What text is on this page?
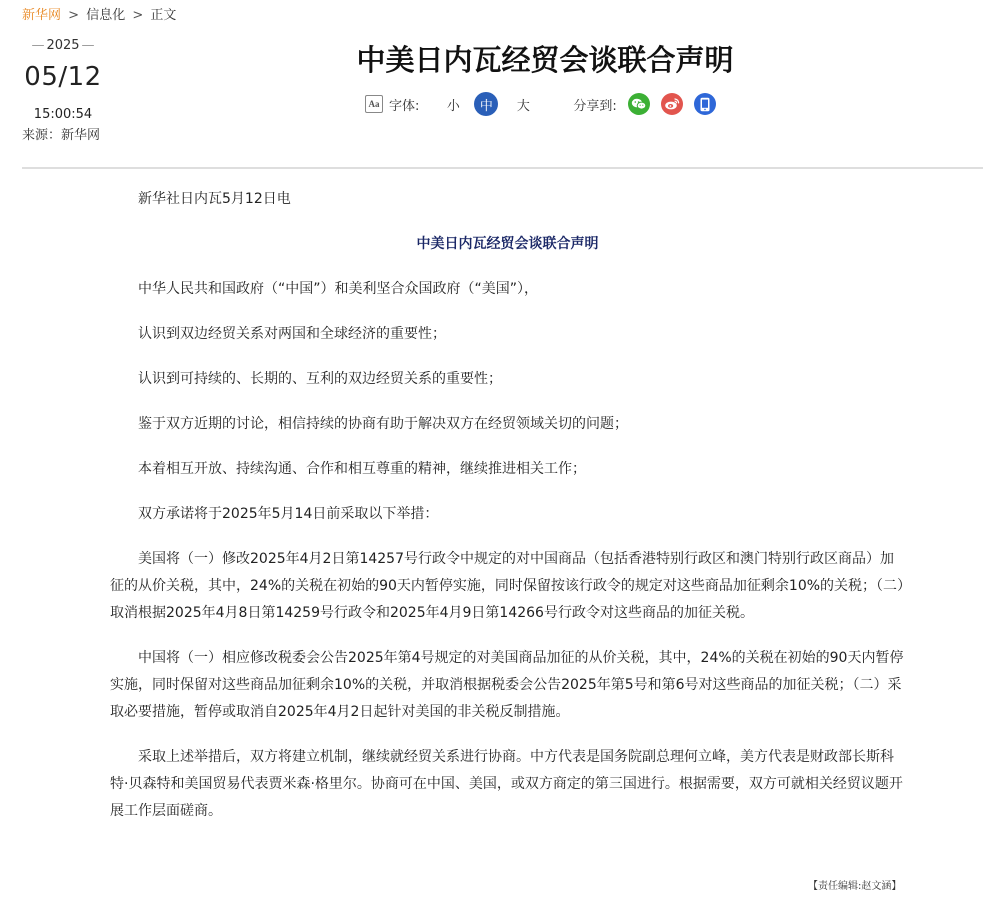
新华网 > 信息化 > 正文
— 2025 —
05/12
15:00:54
来源：新华网
中美日内瓦经贸会谈联合声明
Aa 字体:	小	中	大	分享到:

新华社日内瓦5月12日电

中美日内瓦经贸会谈联合声明

中华人民共和国政府（“中国”）和美利坚合众国政府（“美国”），

认识到双边经贸关系对两国和全球经济的重要性；

认识到可持续的、长期的、互利的双边经贸关系的重要性；

鉴于双方近期的讨论，相信持续的协商有助于解决双方在经贸领域关切的问题；

本着相互开放、持续沟通、合作和相互尊重的精神，继续推进相关工作；

双方承诺将于2025年5月14日前采取以下举措：

美国将（一）修改2025年4月2日第14257号行政令中规定的对中国商品（包括香港特别行政区和澳门特别行政区商品）加征的从价关税，其中，24%的关税在初始的90天内暂停实施，同时保留按该行政令的规定对这些商品加征剩余10%的关税；（二）取消根据2025年4月8日第14259号行政令和2025年4月9日第14266号行政令对这些商品的加征关税。

中国将（一）相应修改税委会公告2025年第4号规定的对美国商品加征的从价关税，其中，24%的关税在初始的90天内暂停实施，同时保留对这些商品加征剩余10%的关税，并取消根据税委会公告2025年第5号和第6号对这些商品的加征关税；（二）采取必要措施，暂停或取消自2025年4月2日起针对美国的非关税反制措施。

采取上述举措后，双方将建立机制，继续就经贸关系进行协商。中方代表是国务院副总理何立峰，美方代表是财政部长斯科特·贝森特和美国贸易代表贾米森·格里尔。协商可在中国、美国，或双方商定的第三国进行。根据需要，双方可就相关经贸议题开展工作层面磋商。

【责任编辑:赵文涵】
